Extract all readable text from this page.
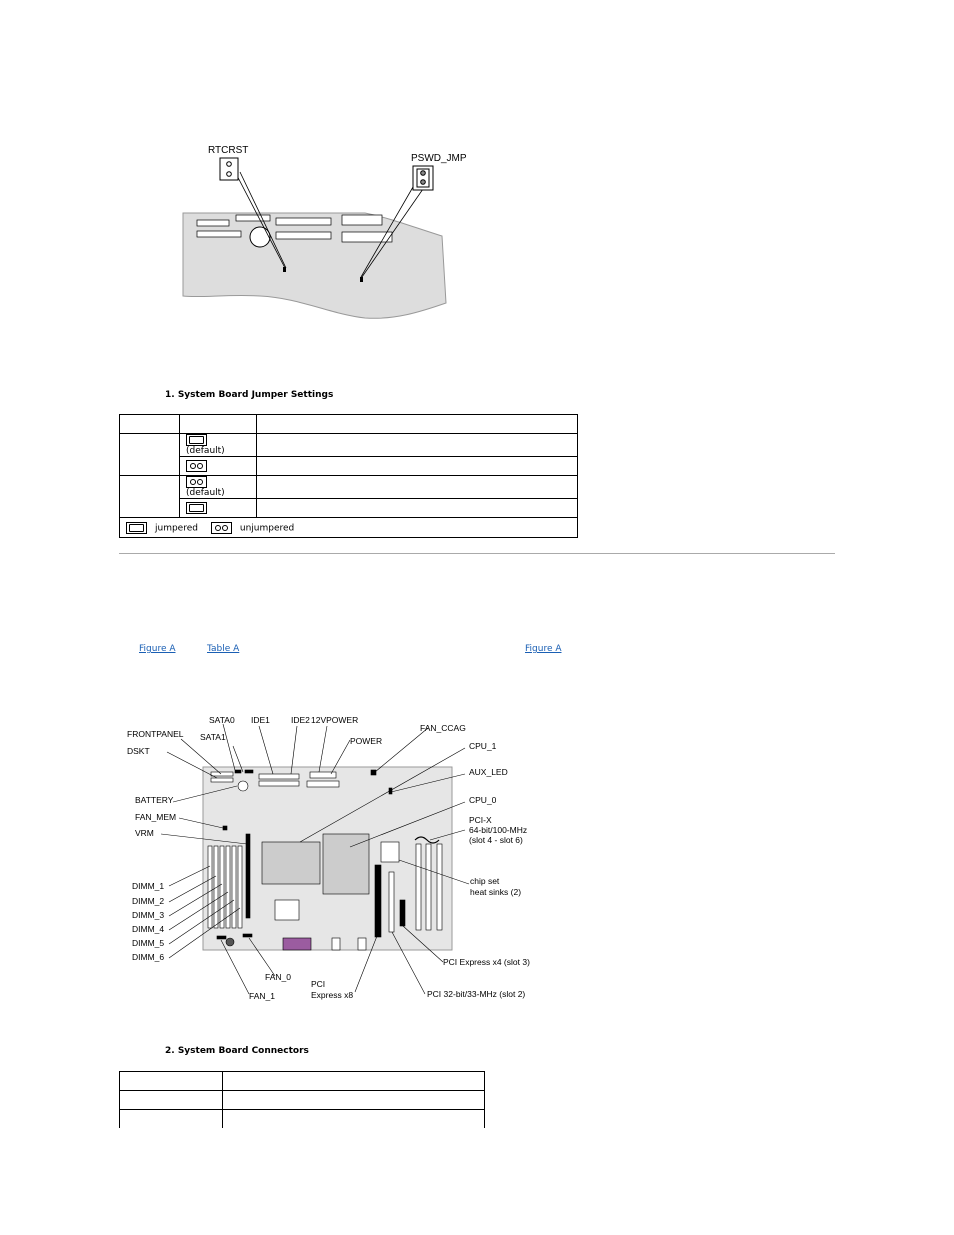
RTCRST
PSWD_JMP
1. System Board Jumper Settings

(default)	

(default)	

jumpered unjumpered		
Figure A	Table A	Figure A
SATA0 IDE1 IDE2 12VPOWER
FAN_CCAG
FRONTPANEL SATA1	POWER	CPU_1
DSKT
AUX_LED
BATTERY	CPU_0
FAN_MEM	PCI-X
64-bit/100-MHz
(slot 4 - slot 6)
VRM
DIMM_1
DIMM_2
DIMM_3
DIMM_4
DIMM_5
DIMM_6
chip set
heat sinks (2)
PCI Express x4 (slot 3)
FAN_0
PCI
Express x8	PCI 32-bit/33-MHz (slot 2)
FAN_1
2. System Board Connectors
